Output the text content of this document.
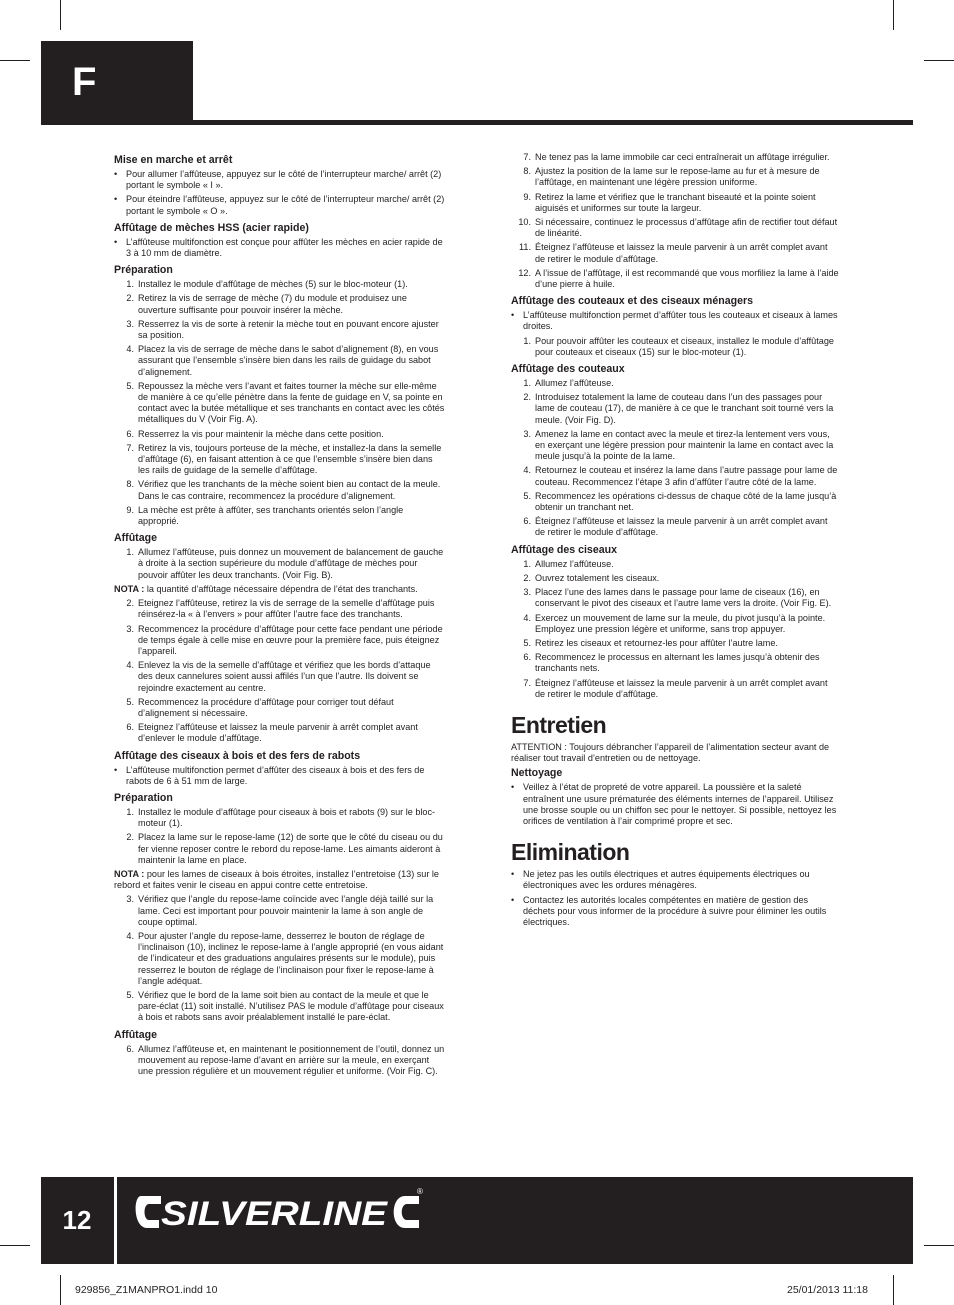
F
Mise en marche et arrêt
• Pour allumer l’affûteuse, appuyez sur le côté de l’interrupteur marche/ arrêt (2) portant le symbole « I ».
• Pour éteindre l’affûteuse, appuyez sur le côté de l’interrupteur marche/ arrêt (2) portant le symbole « O ».
Affûtage de mèches HSS (acier rapide)
• L’affûteuse multifonction est conçue pour affûter les mèches en acier rapide de 3 à 10 mm de diamètre.
Préparation
1. Installez le module d’affûtage de mèches (5) sur le bloc-moteur (1).
2. Retirez la vis de serrage de mèche (7) du module et produisez une ouverture suffisante pour pouvoir insérer la mèche.
3. Resserrez la vis de sorte à retenir la mèche tout en pouvant encore ajuster sa position.
4. Placez la vis de serrage de mèche dans le sabot d’alignement (8), en vous assurant que l’ensemble s’insère bien dans les rails de guidage du sabot d’alignement.
5. Repoussez la mèche vers l’avant et faites tourner la mèche sur elle-même de manière à ce qu’elle pénètre dans la fente de guidage en V, sa pointe en contact avec la butée métallique et ses tranchants en contact avec les côtés métalliques du V (Voir Fig. A).
6. Resserrez la vis pour maintenir la mèche dans cette position.
7. Retirez la vis, toujours porteuse de la mèche, et installez-la dans la semelle d’affûtage (6), en faisant attention à ce que l’ensemble s’insère bien dans les rails de guidage de la semelle d’affûtage.
8. Vérifiez que les tranchants de la mèche soient bien au contact de la meule. Dans le cas contraire, recommencez la procédure d’alignement.
9. La mèche est prête à affûter, ses tranchants orientés selon l’angle approprié.
Affûtage
1. Allumez l’affûteuse, puis donnez un mouvement de balancement de gauche à droite à la section supérieure du module d’affûtage de mèches pour pouvoir affûter les deux tranchants. (Voir Fig. B).
NOTA : la quantité d’affûtage nécessaire dépendra de l’état des tranchants.
2. Eteignez l’affûteuse, retirez la vis de serrage de la semelle d’affûtage puis réinsérez-la « à l’envers » pour affûter l’autre face des tranchants.
3. Recommencez la procédure d’affûtage pour cette face pendant une période de temps égale à celle mise en œuvre pour la première face, puis éteignez l’appareil.
4. Enlevez la vis de la semelle d’affûtage et vérifiez que les bords d’attaque des deux cannelures soient aussi affilés l’un que l’autre. Ils doivent se rejoindre exactement au centre.
5. Recommencez la procédure d’affûtage pour corriger tout défaut d’alignement si nécessaire.
6. Eteignez l’affûteuse et laissez la meule parvenir à arrêt complet avant d’enlever le module d’affûtage.
Affûtage des ciseaux à bois et des fers de rabots
• L’affûteuse multifonction permet d’affûter des ciseaux à bois et des fers de rabots de 6 à 51 mm de large.
Préparation
1. Installez le module d’affûtage pour ciseaux à bois et rabots (9) sur le bloc-moteur (1).
2. Placez la lame sur le repose-lame (12) de sorte que le côté du ciseau ou du fer vienne reposer contre le rebord du repose-lame. Les aimants aideront à maintenir la lame en place.
NOTA : pour les lames de ciseaux à bois étroites, installez l’entretoise (13) sur le rebord et faites venir le ciseau en appui contre cette entretoise.
3. Vérifiez que l’angle du repose-lame coïncide avec l’angle déjà taillé sur la lame. Ceci est important pour pouvoir maintenir la lame à son angle de coupe optimal.
4. Pour ajuster l’angle du repose-lame, desserrez le bouton de réglage de l’inclinaison (10), inclinez le repose-lame à l’angle approprié (en vous aidant de l’indicateur et des graduations angulaires présents sur le module), puis resserrez le bouton de réglage de l’inclinaison pour fixer le repose-lame à l’angle adéquat.
5. Vérifiez que le bord de la lame soit bien au contact de la meule et que le pare-éclat (11) soit installé. N’utilisez PAS le module d’affûtage pour ciseaux à bois et rabots sans avoir préalablement installé le pare-éclat.
Affûtage
6. Allumez l’affûteuse et, en maintenant le positionnement de l’outil, donnez un mouvement au repose-lame d’avant en arrière sur la meule, en exerçant une pression régulière et un mouvement régulier et uniforme. (Voir Fig. C).
7. Ne tenez pas la lame immobile car ceci entraînerait un affûtage irrégulier.
8. Ajustez la position de la lame sur le repose-lame au fur et à mesure de l’affûtage, en maintenant une légère pression uniforme.
9. Retirez la lame et vérifiez que le tranchant biseauté et la pointe soient aiguisés et uniformes sur toute la largeur.
10. Si nécessaire, continuez le processus d’affûtage afin de rectifier tout défaut de linéarité.
11. Éteignez l’affûteuse et laissez la meule parvenir à un arrêt complet avant de retirer le module d’affûtage.
12. A l’issue de l’affûtage, il est recommandé que vous morfiliez la lame à l’aide d’une pierre à huile.
Affûtage des couteaux et des ciseaux ménagers
• L’affûteuse multifonction permet d’affûter tous les couteaux et ciseaux à lames droites.
1. Pour pouvoir affûter les couteaux et ciseaux, installez le module d’affûtage pour couteaux et ciseaux (15) sur le bloc-moteur (1).
Affûtage des couteaux
1. Allumez l’affûteuse.
2. Introduisez totalement la lame de couteau dans l’un des passages pour lame de couteau (17), de manière à ce que le tranchant soit tourné vers la meule. (Voir Fig. D).
3. Amenez la lame en contact avec la meule et tirez-la lentement vers vous, en exerçant une légère pression pour maintenir la lame en contact avec la meule jusqu’à la pointe de la lame.
4. Retournez le couteau et insérez la lame dans l’autre passage pour lame de couteau. Recommencez l’étape 3 afin d’affûter l’autre côté de la lame.
5. Recommencez les opérations ci-dessus de chaque côté de la lame jusqu’à obtenir un tranchant net.
6. Éteignez l’affûteuse et laissez la meule parvenir à un arrêt complet avant de retirer le module d’affûtage.
Affûtage des ciseaux
1. Allumez l’affûteuse.
2. Ouvrez totalement les ciseaux.
3. Placez l’une des lames dans le passage pour lame de ciseaux (16), en conservant le pivot des ciseaux et l’autre lame vers la droite. (Voir Fig. E).
4. Exercez un mouvement de lame sur la meule, du pivot jusqu’à la pointe. Employez une pression légère et uniforme, sans trop appuyer.
5. Retirez les ciseaux et retournez-les pour affûter l’autre lame.
6. Recommencez le processus en alternant les lames jusqu’à obtenir des tranchants nets.
7. Éteignez l’affûteuse et laissez la meule parvenir à un arrêt complet avant de retirer le module d’affûtage.
Entretien
ATTENTION : Toujours débrancher l’appareil de l’alimentation secteur avant de réaliser tout travail d’entretien ou de nettoyage.
Nettoyage
• Veillez à l’état de propreté de votre appareil. La poussière et la saleté entraînent une usure prématurée des éléments internes de l’appareil. Utilisez une brosse souple ou un chiffon sec pour le nettoyer. Si possible, nettoyez les orifices de ventilation à l’air comprimé propre et sec.
Elimination
• Ne jetez pas les outils électriques et autres équipements électriques ou électroniques avec les ordures ménagères.
• Contactez les autorités locales compétentes en matière de gestion des déchets pour vous informer de la procédure à suivre pour éliminer les outils électriques.
12	SILVERLINE
®
929856_Z1MANPRO1.indd 10	25/01/2013 11:18
